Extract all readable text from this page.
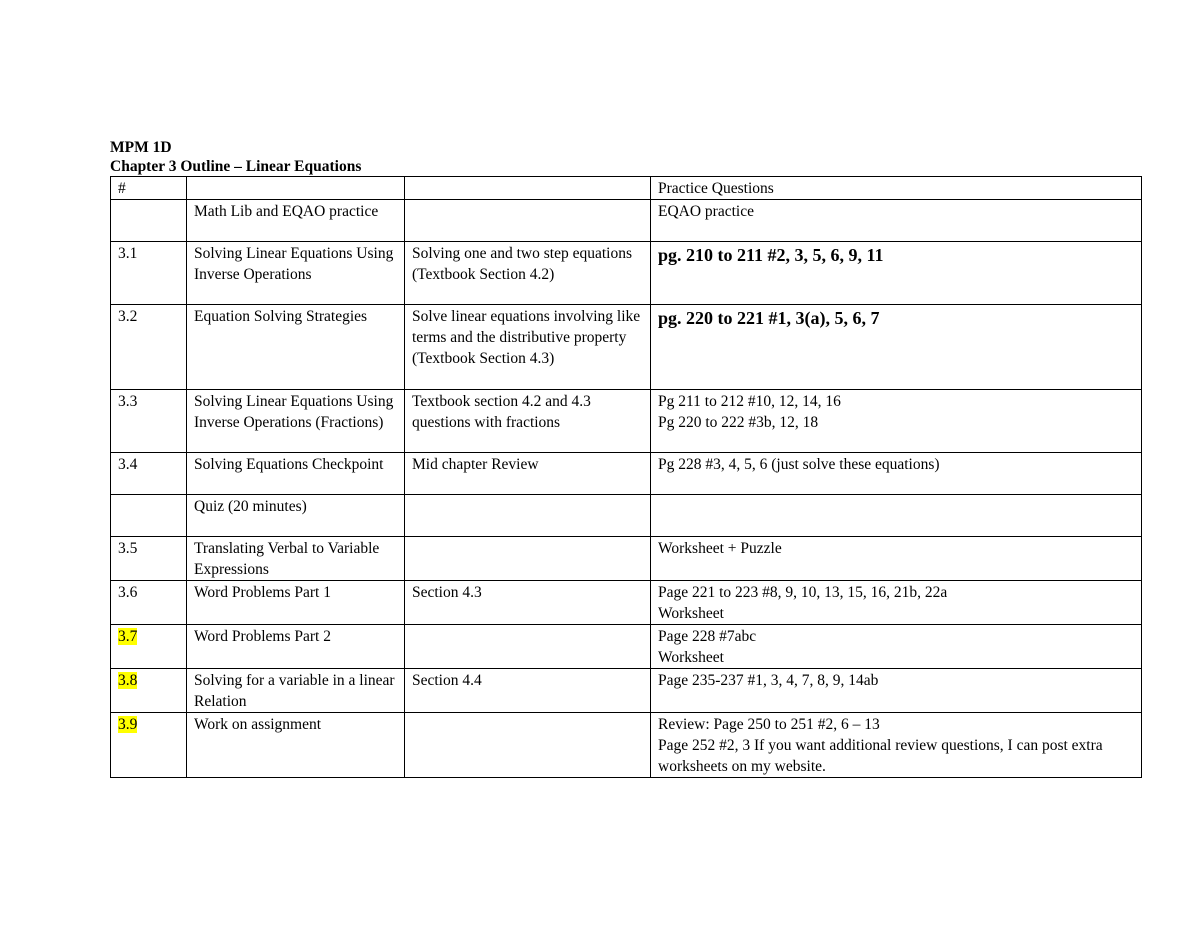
MPM 1D
Chapter 3 Outline – Linear Equations
#			Practice Questions
	Math Lib and EQAO practice		EQAO practice

3.1	Solving Linear Equations Using Inverse Operations	Solving one and two step equations (Textbook Section 4.2)	pg. 210 to 211 #2, 3, 5, 6, 9, 11

3.2	Equation Solving Strategies	Solve linear equations involving like terms and the distributive property (Textbook Section 4.3)	pg. 220 to 221 #1, 3(a), 5, 6, 7

3.3	Solving Linear Equations Using Inverse Operations (Fractions)	Textbook section 4.2 and 4.3 questions with fractions	Pg 211 to 212 #10, 12, 14, 16
Pg 220 to 222 #3b, 12, 18

3.4	Solving Equations Checkpoint	Mid chapter Review	Pg 228 #3, 4, 5, 6 (just solve these equations)

	Quiz (20 minutes)		
3.5	Translating Verbal to Variable Expressions		Worksheet + Puzzle

3.6	Word Problems Part 1	Section 4.3	Page 221 to 223 #8, 9, 10, 13, 15, 16, 21b, 22a
Worksheet

3.7	Word Problems Part 2		Page 228 #7abc
Worksheet

3.8	Solving for a variable in a linear Relation	Section 4.4	Page 235-237 #1, 3, 4, 7, 8, 9, 14ab

3.9	Work on assignment		Review: Page 250 to 251 #2, 6 – 13
Page 252 #2, 3 If you want additional review questions, I can post extra worksheets on my website.
